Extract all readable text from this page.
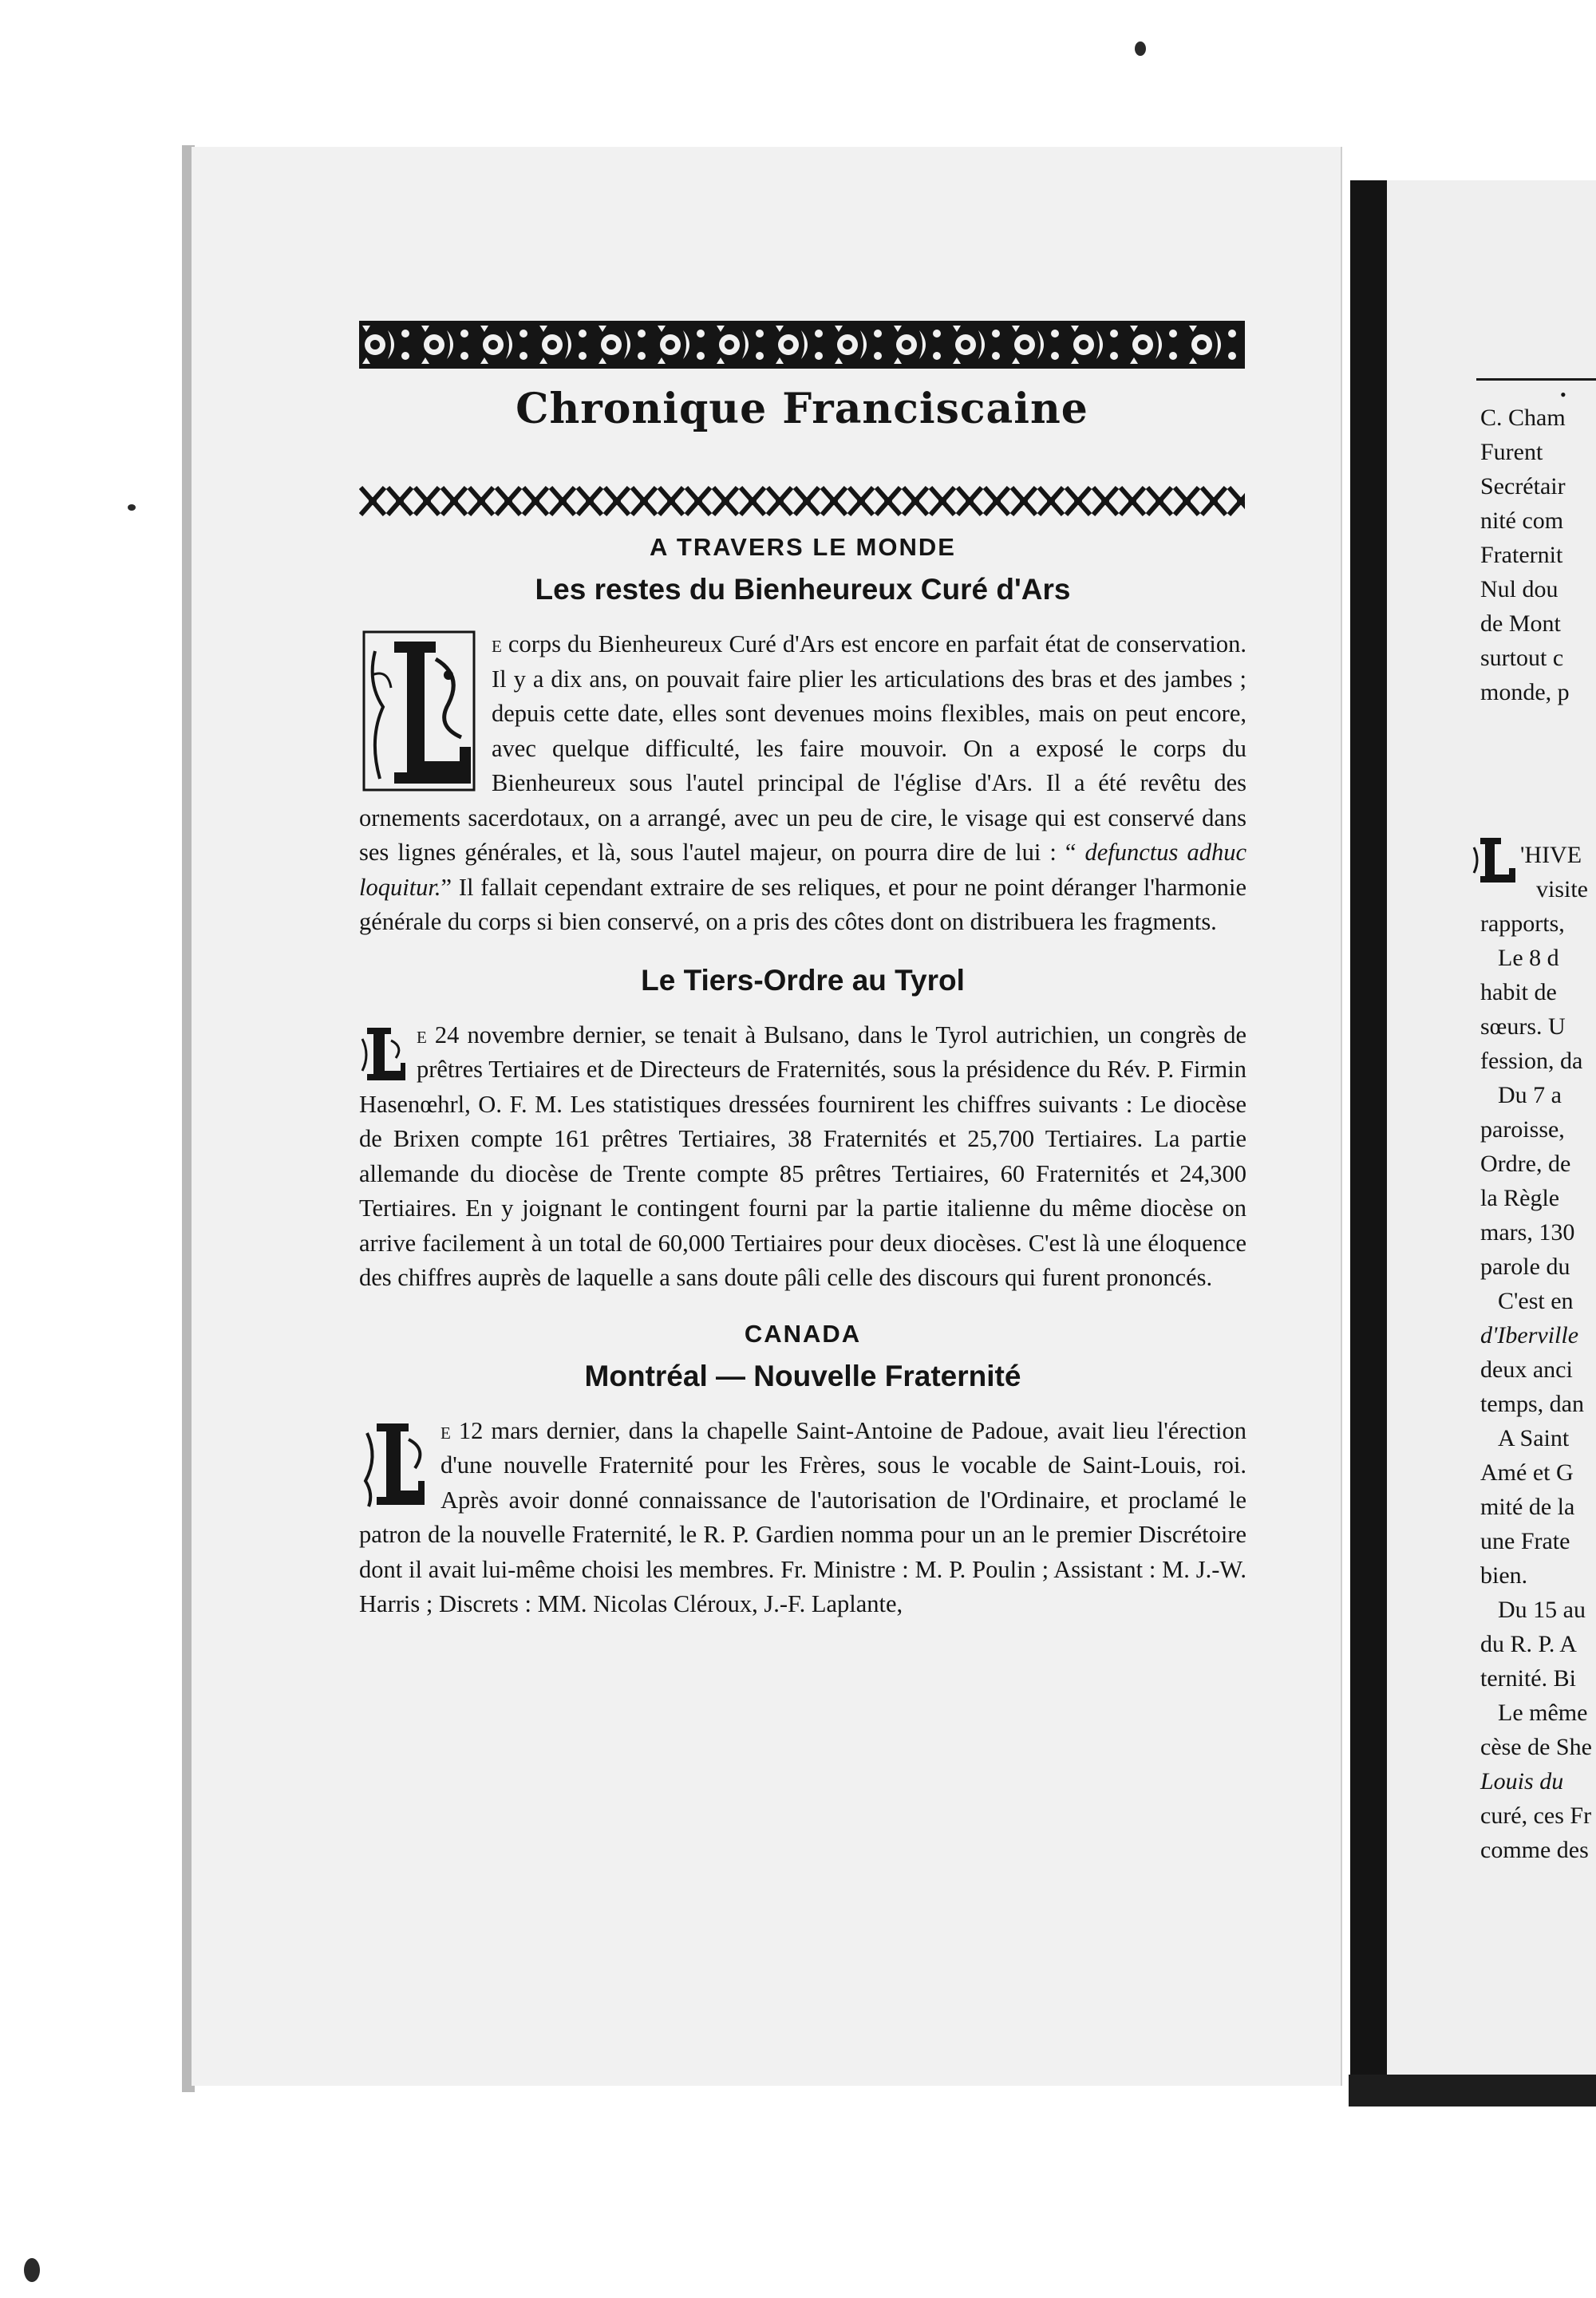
Chronique Franciscaine
A TRAVERS LE MONDE
Les restes du Bienheureux Curé d'Ars

e corps du Bienheureux Curé d'Ars est encore en parfait état de conservation. Il y a dix ans, on pouvait faire plier les articulations des bras et des jambes ; depuis cette date, elles sont devenues moins flexibles, mais on peut encore, avec quelque difficulté, les faire mouvoir. On a exposé le corps du Bienheureux sous l'autel principal de l'église d'Ars. Il a été revêtu des ornements sacerdotaux, on a arrangé, avec un peu de cire, le visage qui est conservé dans ses lignes générales, et là, sous l'autel majeur, on pourra dire de lui : “ defunctus adhuc loquitur.” Il fallait cependant extraire de ses reliques, et pour ne point déranger l'harmonie générale du corps si bien conservé, on a pris des côtes dont on distribuera les fragments.

Le Tiers-Ordre au Tyrol

e 24 novembre dernier, se tenait à Bulsano, dans le Tyrol autrichien, un congrès de prêtres Tertiaires et de Directeurs de Fraternités, sous la présidence du Rév. P. Firmin Hasenœhrl, O. F. M. Les statistiques dressées fournirent les chiffres suivants : Le diocèse de Brixen compte 161 prêtres Tertiaires, 38 Fraternités et 25,700 Tertiaires. La partie allemande du diocèse de Trente compte 85 prêtres Tertiaires, 60 Fraternités et 24,300 Tertiaires. En y joignant le contingent fourni par la partie italienne du même diocèse on arrive facilement à un total de 60,000 Tertiaires pour deux diocèses. C'est là une éloquence des chiffres auprès de laquelle a sans doute pâli celle des discours qui furent prononcés.

CANADA
Montréal — Nouvelle Fraternité

e 12 mars dernier, dans la chapelle Saint-Antoine de Padoue, avait lieu l'érection d'une nouvelle Fraternité pour les Frères, sous le vocable de Saint-Louis, roi. Après avoir donné connaissance de l'autorisation de l'Ordinaire, et proclamé le patron de la nouvelle Fraternité, le R. P. Gardien nomma pour un an le premier Discrétoire dont il avait lui-même choisi les membres. Fr. Ministre : M. P. Poulin ; Assistant : M. J.-W. Harris ; Discrets : MM. Nicolas Cléroux, J.-F. Laplante,

•
C. Cham
Furent
Secrétair
nité com
Fraternit
Nul dou
de Mont
surtout c
monde, p
'HIVE
visite
rapports,
Le 8 d
habit de
sœurs. U
fession, da
Du 7 a
paroisse,
Ordre, de
la Règle
mars, 130
parole du
C'est en
d'Iberville
deux anci
temps, dan
A Saint
Amé et G
mité de la
une Frate
bien.
Du 15 au
du R. P. A
ternité. Bi
Le même
cèse de She
Louis du
curé, ces Fr
comme des
